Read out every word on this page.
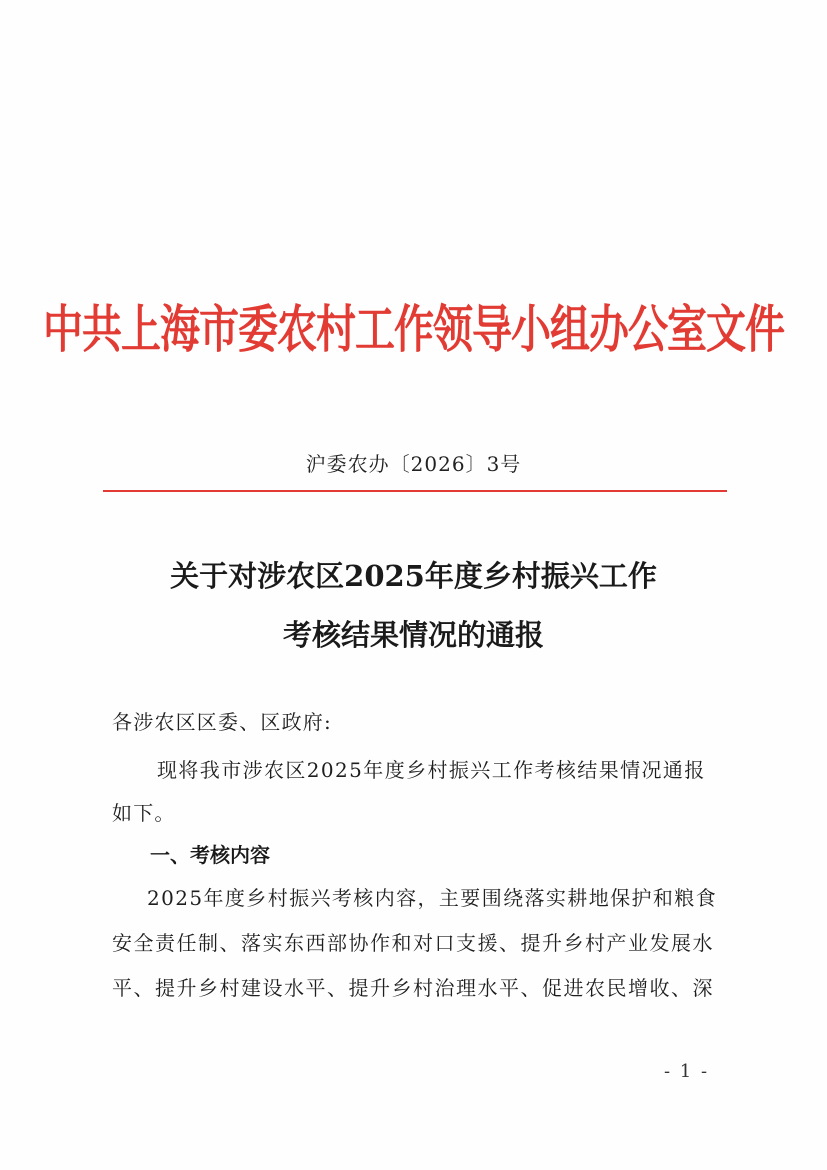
中共上海市委农村工作领导小组办公室文件
沪委农办〔2026〕3号
关于对涉农区2025年度乡村振兴工作
考核结果情况的通报
各涉农区区委、区政府:
现将我市涉农区2025年度乡村振兴工作考核结果情况通报
如下。
一、考核内容
2025年度乡村振兴考核内容，主要围绕落实耕地保护和粮食
安全责任制、落实东西部协作和对口支援、提升乡村产业发展水
平、提升乡村建设水平、提升乡村治理水平、促进农民增收、深
- 1 -
